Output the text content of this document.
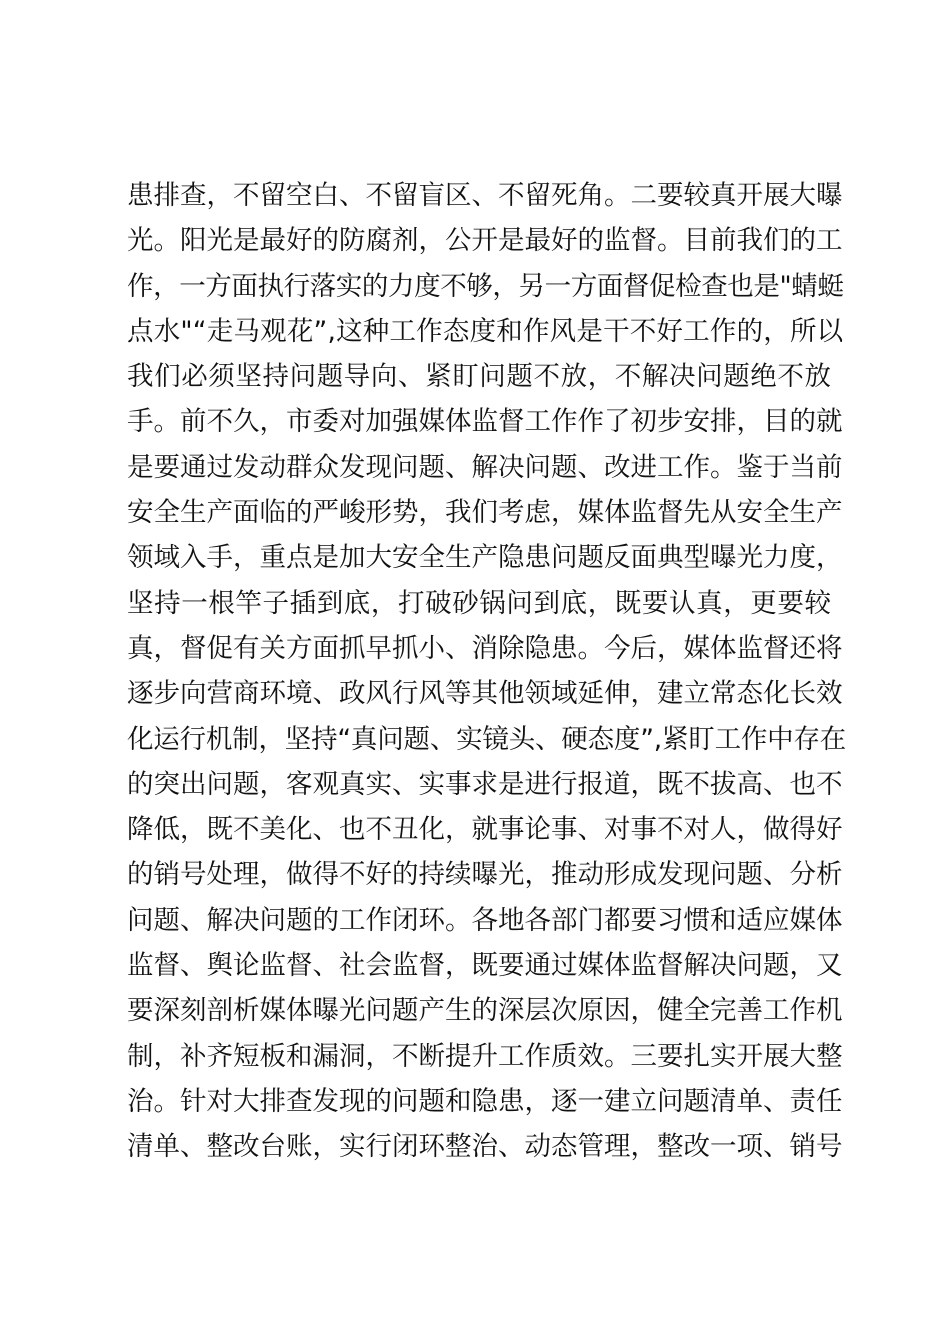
患排查，不留空白、不留盲区、不留死角。二要较真开展大曝
光。阳光是最好的防腐剂，公开是最好的监督。目前我们的工
作，一方面执行落实的力度不够，另一方面督促检查也是"蜻蜓
点水"“走马观花”,这种工作态度和作风是干不好工作的，所以
我们必须坚持问题导向、紧盯问题不放，不解决问题绝不放
手。前不久，市委对加强媒体监督工作作了初步安排，目的就
是要通过发动群众发现问题、解决问题、改进工作。鉴于当前
安全生产面临的严峻形势，我们考虑，媒体监督先从安全生产
领域入手，重点是加大安全生产隐患问题反面典型曝光力度，
坚持一根竿子插到底，打破砂锅问到底，既要认真，更要较
真，督促有关方面抓早抓小、消除隐患。今后，媒体监督还将
逐步向营商环境、政风行风等其他领域延伸，建立常态化长效
化运行机制，坚持“真问题、实镜头、硬态度”,紧盯工作中存在
的突出问题，客观真实、实事求是进行报道，既不拔高、也不
降低，既不美化、也不丑化，就事论事、对事不对人，做得好
的销号处理，做得不好的持续曝光，推动形成发现问题、分析
问题、解决问题的工作闭环。各地各部门都要习惯和适应媒体
监督、舆论监督、社会监督，既要通过媒体监督解决问题，又
要深刻剖析媒体曝光问题产生的深层次原因，健全完善工作机
制，补齐短板和漏洞，不断提升工作质效。三要扎实开展大整
治。针对大排查发现的问题和隐患，逐一建立问题清单、责任
清单、整改台账，实行闭环整治、动态管理，整改一项、销号
